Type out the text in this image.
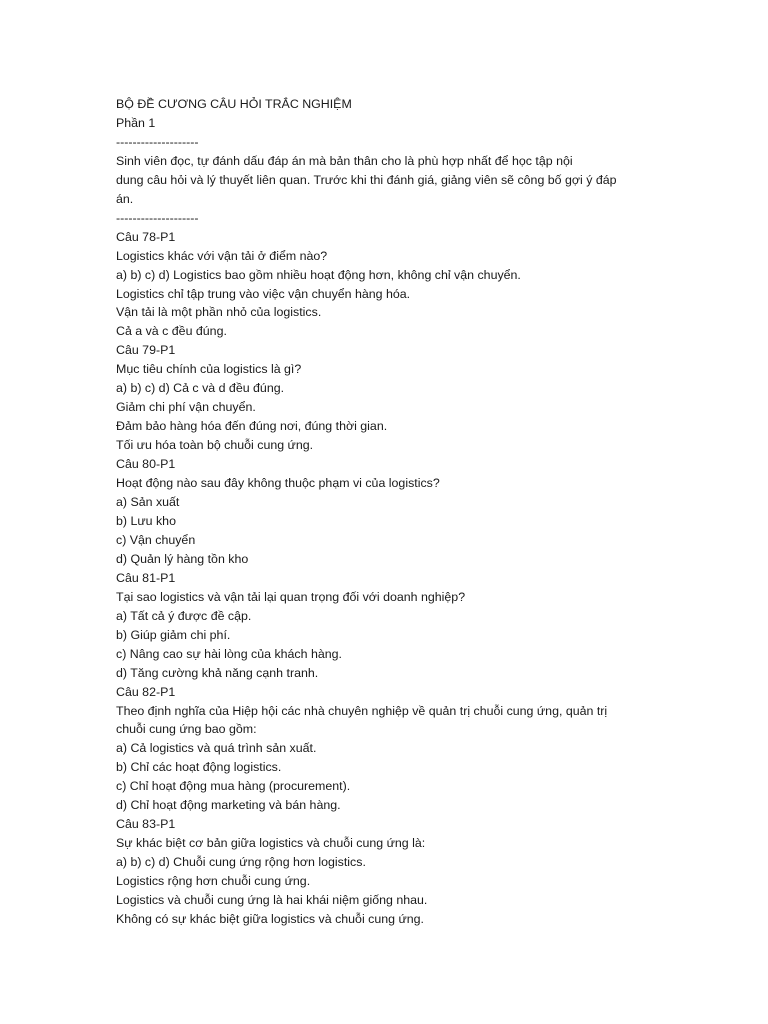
BỘ ĐỀ CƯƠNG CÂU HỎI TRẮC NGHIỆM

Phần 1

--------------------

Sinh viên đọc, tự đánh dấu đáp án mà bản thân cho là phù hợp nhất để học tập nội

dung câu hỏi và lý thuyết liên quan. Trước khi thi đánh giá, giảng viên sẽ công bố gợi ý đáp

án.

--------------------

Câu 78-P1

Logistics khác với vận tải ở điểm nào?

a) b) c) d) Logistics bao gồm nhiều hoạt động hơn, không chỉ vận chuyển.

Logistics chỉ tập trung vào việc vận chuyển hàng hóa.

Vận tải là một phần nhỏ của logistics.

Cả a và c đều đúng.

Câu 79-P1

Mục tiêu chính của logistics là gì?

a) b) c) d) Cả c và d đều đúng.

Giảm chi phí vận chuyển.

Đảm bảo hàng hóa đến đúng nơi, đúng thời gian.

Tối ưu hóa toàn bộ chuỗi cung ứng.

Câu 80-P1

Hoạt động nào sau đây không thuộc phạm vi của logistics?

a) Sản xuất

b) Lưu kho

c) Vận chuyển

d) Quản lý hàng tồn kho

Câu 81-P1

Tại sao logistics và vận tải lại quan trọng đối với doanh nghiệp?

a) Tất cả ý được đề cập.

b) Giúp giảm chi phí.

c) Nâng cao sự hài lòng của khách hàng.

d) Tăng cường khả năng cạnh tranh.

Câu 82-P1

Theo định nghĩa của Hiệp hội các nhà chuyên nghiệp về quản trị chuỗi cung ứng, quản trị

chuỗi cung ứng bao gồm:

a) Cả logistics và quá trình sản xuất.

b) Chỉ các hoạt động logistics.

c) Chỉ hoạt động mua hàng (procurement).

d) Chỉ hoạt động marketing và bán hàng.

Câu 83-P1

Sự khác biệt cơ bản giữa logistics và chuỗi cung ứng là:

a) b) c) d) Chuỗi cung ứng rộng hơn logistics.

Logistics rộng hơn chuỗi cung ứng.

Logistics và chuỗi cung ứng là hai khái niệm giống nhau.

Không có sự khác biệt giữa logistics và chuỗi cung ứng.
